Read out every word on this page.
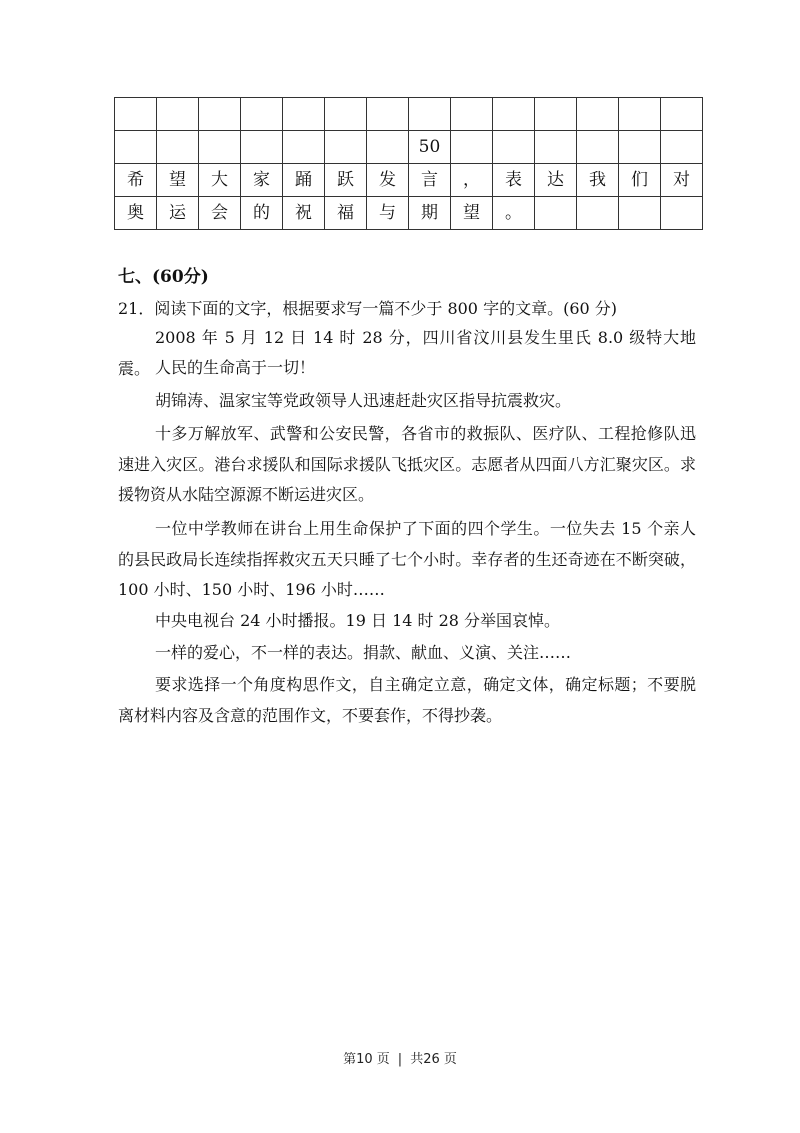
							50						
希	望	大	家	踊	跃	发	言	，	表	达	我	们	对
奥	运	会	的	祝	福	与	期	望	。				
七、(60分)
21．阅读下面的文字，根据要求写一篇不少于 800 字的文章。(60 分)

2008 年 5 月 12 日 14 时 28 分，四川省汶川县发生里氏 8.0 级特大地震。 人民的生命高于一切！

胡锦涛、温家宝等党政领导人迅速赶赴灾区指导抗震救灾。

十多万解放军、武警和公安民警，各省市的救振队、医疗队、工程抢修队迅速进入灾区。港台求援队和国际求援队飞抵灾区。志愿者从四面八方汇聚灾区。求援物资从水陆空源源不断运进灾区。

一位中学教师在讲台上用生命保护了下面的四个学生。一位失去 15 个亲人的县民政局长连续指挥救灾五天只睡了七个小时。幸存者的生还奇迹在不断突破，100 小时、150 小时、196 小时……

中央电视台 24 小时播报。19 日 14 时 28 分举国哀悼。

一样的爱心，不一样的表达。捐款、献血、义演、关注……

要求选择一个角度构思作文，自主确定立意，确定文体，确定标题；不要脱离材料内容及含意的范围作文，不要套作，不得抄袭。

第10 页 | 共26 页
